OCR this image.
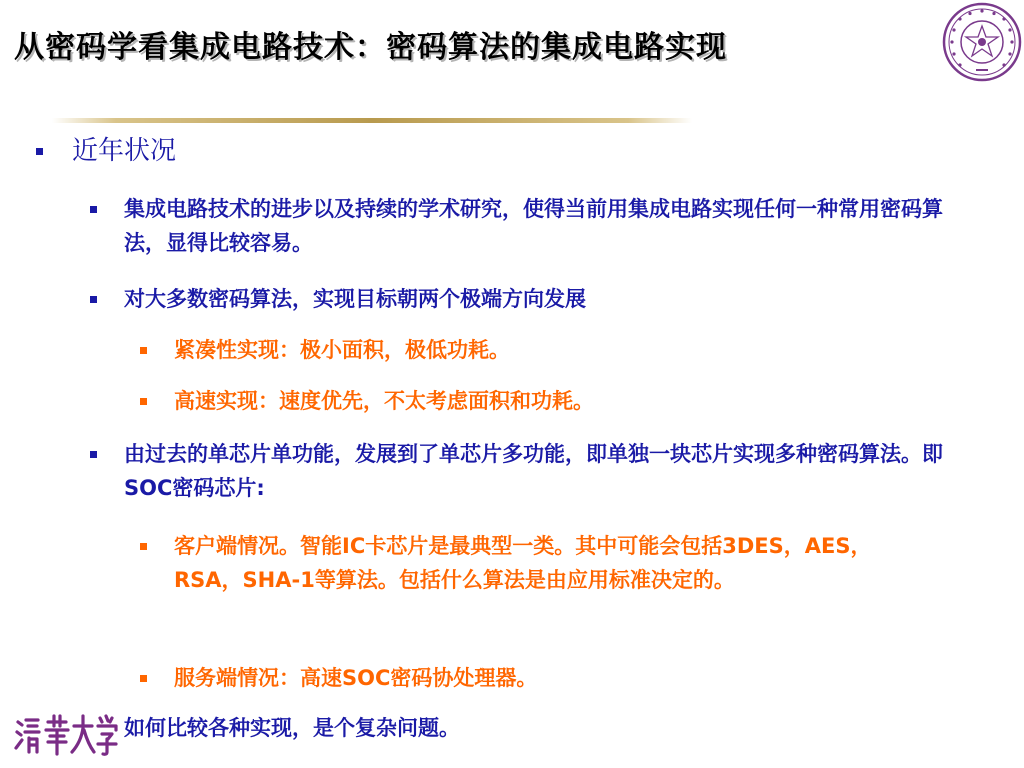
从密码学看集成电路技术：密码算法的集成电路实现
近年状况
集成电路技术的进步以及持续的学术研究，使得当前用集成电路实现任何一种常用密码算法，显得比较容易。
对大多数密码算法，实现目标朝两个极端方向发展
紧凑性实现：极小面积，极低功耗。
高速实现：速度优先，不太考虑面积和功耗。
由过去的单芯片单功能，发展到了单芯片多功能，即单独一块芯片实现多种密码算法。即SOC密码芯片:
客户端情况。智能IC卡芯片是最典型一类。其中可能会包括3DES，AES，RSA，SHA-1等算法。包括什么算法是由应用标准决定的。
服务端情况：高速SOC密码协处理器。
如何比较各种实现，是个复杂问题。
